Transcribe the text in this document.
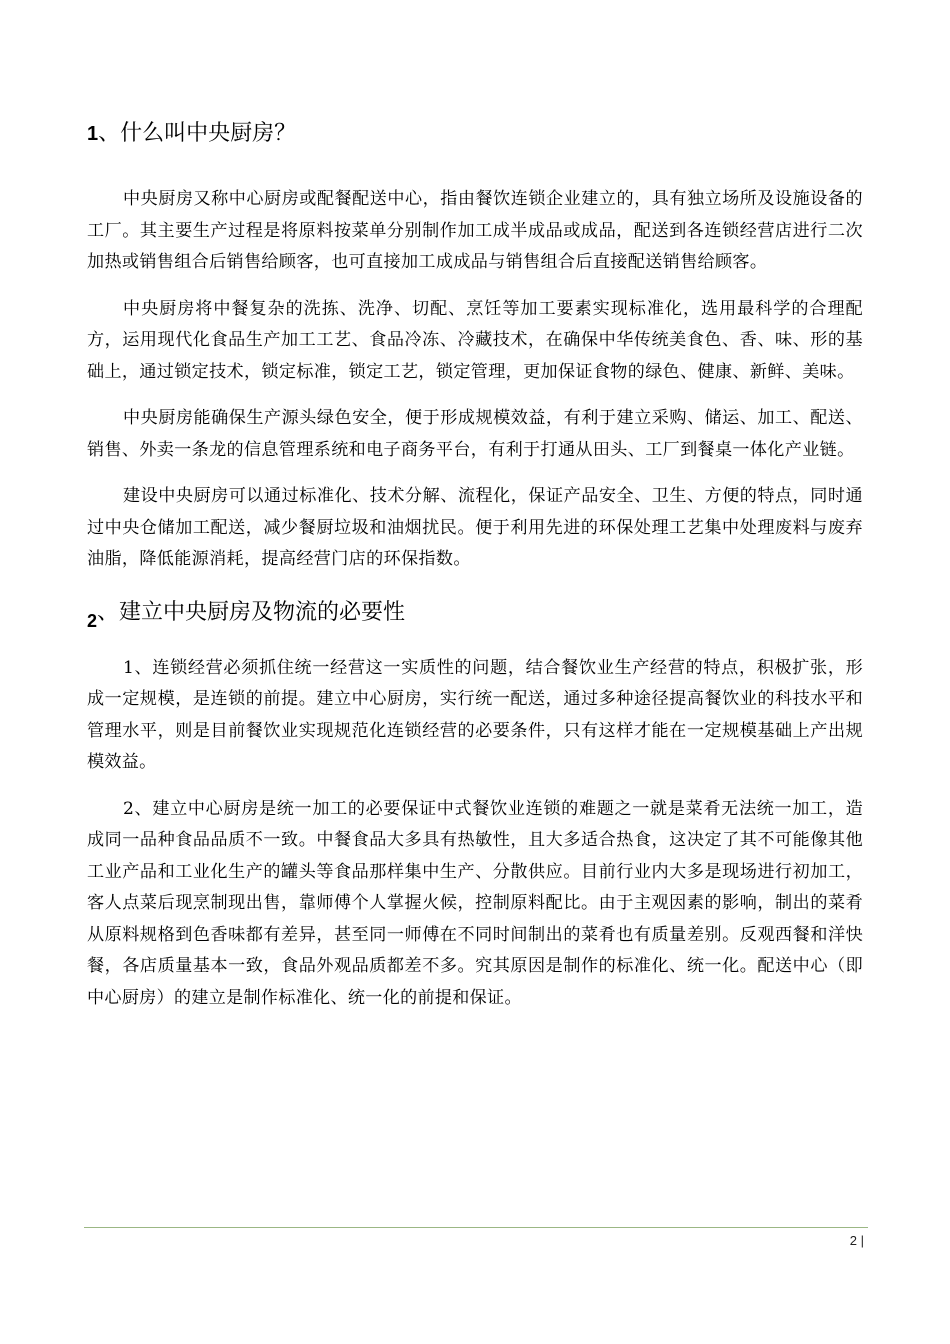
1、什么叫中央厨房？

中央厨房又称中心厨房或配餐配送中心，指由餐饮连锁企业建立的，具有独立场所及设施设备的工厂。其主要生产过程是将原料按菜单分别制作加工成半成品或成品，配送到各连锁经营店进行二次加热或销售组合后销售给顾客，也可直接加工成成品与销售组合后直接配送销售给顾客。

中央厨房将中餐复杂的洗拣、洗净、切配、烹饪等加工要素实现标准化，选用最科学的合理配方，运用现代化食品生产加工工艺、食品冷冻、冷藏技术，在确保中华传统美食色、香、味、形的基础上，通过锁定技术，锁定标准，锁定工艺，锁定管理，更加保证食物的绿色、健康、新鲜、美味。

中央厨房能确保生产源头绿色安全，便于形成规模效益，有利于建立采购、储运、加工、配送、销售、外卖一条龙的信息管理系统和电子商务平台，有利于打通从田头、工厂到餐桌一体化产业链。

建设中央厨房可以通过标准化、技术分解、流程化，保证产品安全、卫生、方便的特点，同时通过中央仓储加工配送，减少餐厨垃圾和油烟扰民。便于利用先进的环保处理工艺集中处理废料与废弃油脂，降低能源消耗，提高经营门店的环保指数。

$_2$、建立中央厨房及物流的必要性

1、连锁经营必须抓住统一经营这一实质性的问题，结合餐饮业生产经营的特点，积极扩张，形成一定规模，是连锁的前提。建立中心厨房，实行统一配送，通过多种途径提高餐饮业的科技水平和管理水平，则是目前餐饮业实现规范化连锁经营的必要条件，只有这样才能在一定规模基础上产出规模效益。

2、建立中心厨房是统一加工的必要保证中式餐饮业连锁的难题之一就是菜肴无法统一加工，造成同一品种食品品质不一致。中餐食品大多具有热敏性，且大多适合热食，这决定了其不可能像其他工业产品和工业化生产的罐头等食品那样集中生产、分散供应。目前行业内大多是现场进行初加工，客人点菜后现烹制现出售，靠师傅个人掌握火候，控制原料配比。由于主观因素的影响，制出的菜肴从原料规格到色香味都有差异，甚至同一师傅在不同时间制出的菜肴也有质量差别。反观西餐和洋快餐，各店质量基本一致，食品外观品质都差不多。究其原因是制作的标准化、统一化。配送中心（即中心厨房）的建立是制作标准化、统一化的前提和保证。

2 |
